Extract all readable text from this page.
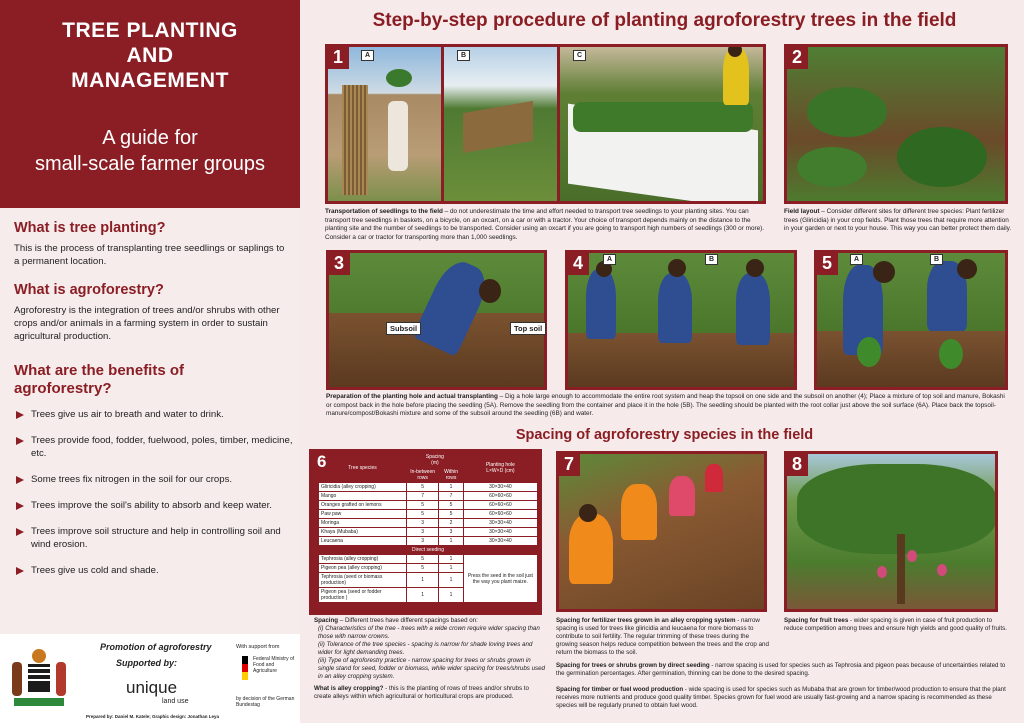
TREE PLANTING
AND
MANAGEMENT
A guide for
small-scale farmer groups
What is tree planting?
This is the process of transplanting tree seedlings or saplings to a permanent location.
What is agroforestry?
Agroforestry is the integration of trees and/or shrubs with other crops and/or animals in a farming system in order to sustain agricultural production.
What are the benefits of
agroforestry?
Trees give us air to breath and water to drink.
Trees provide food, fodder, fuelwood, poles, timber, medicine, etc.
Some trees fix nitrogen in the soil for our crops.
Trees improve the soil's ability to absorb and keep water.
Trees improve soil structure and help in controlling soil and wind erosion.
Trees give us cold and shade.
Promotion of agroforestry
Supported by:
unique
land use
With support from
Federal Ministry of Food and Agriculture
by decision of the German Bundestag
Prepared by: Daniel M. Katele; Graphic design: Jonathan Leya
Step-by-step procedure of planting agroforestry trees in the field
1	A	B	C
Transportation of seedlings to the field – do not underestimate the time and effort needed to transport tree seedlings to your planting sites. You can transport tree seedlings in baskets, on a bicycle, on an oxcart, on a car or with a tractor. Your choice of transport depends mainly on the distance to the planting site and the number of seedlings to be transported. Consider using an oxcart if you are going to transport high numbers of seedlings (300 or more). Consider a car or tractor for transporting more than 1,000 seedlings.
2
Field layout – Consider different sites for different tree species: Plant fertilizer trees (Gliricidia) in your crop fields. Plant those trees that require more attention in your garden or next to your house. This way you can better protect them daily.
3
Subsoil	Top soil
4	A	B	5	A	B
Preparation of the planting hole and actual transplanting – Dig a hole large enough to accommodate the entire root system and heap the topsoil on one side and the subsoil on another (4); Place a mixture of top soil and manure, Bokashi or compost back in the hole before placing the seedling (5A). Remove the seedling from the container and place it in the hole (5B). The seedling should be planted with the root collar just above the soil surface (6A). Place back the topsoil-manure/compost/Bokashi mixture and some of the subsoil around the seedling (6B) and water.
Spacing of agroforestry species in the field
6	Tree species	Spacing
(m)		Planting hole
L×W×D (cm)
	In-between rows	Within rows	
Gliricidia (alley cropping)	5	1	30×30×40
Mango	7	7	60×60×60
Oranges grafted on lemons	5	5	60×60×60
Paw paw	5	5	60×60×60
Moringa	3	2	30×30×40
Khaya (Mubaba)	3	3	30×30×40
Leucaena	3	1	30×30×40
Direct seeding			
Tephrosia (alley cropping)	5	1	Press the seed in the soil just the way you plant maize.
Pigeon pea (alley cropping)	5	1	
Tephrosia (seed or biomass production)	1	1	
Pigeon pea (seed or fodder production )	1	1	
7	8
Spacing – Different trees have different spacings based on:
(i) Characteristics of the tree - trees with a wide crown require wider spacing than those with narrow crowns.
(ii) Tolerance of the tree species - spacing is narrow for shade loving trees and wider for light demanding trees.
(iii) Type of agroforestry practice - narrow spacing for trees or shrubs grown in single stand for seed, fodder or biomass, while wider spacing for trees/shrubs used in an alley cropping system.
What is alley cropping? - this is the planting of rows of trees and/or shrubs to create alleys within which agricultural or horticultural crops are produced.
Spacing for fertilizer trees grown in an alley cropping system - narrow spacing is used for trees like gliricidia and leucaena for more biomass to contribute to soil fertility. The regular trimming of these trees during the growing season helps reduce competition between the trees and the crop and return the biomass to the soil.
Spacing for fruit trees - wider spacing is given in case of fruit production to reduce competition among trees and ensure high yields and good quality of fruits.
Spacing for trees or shrubs grown by direct seeding - narrow spacing is used for species such as Tephrosia and pigeon peas because of uncertainties related to the germination percentages. After germination, thinning can be done to the desired spacing.
Spacing for timber or fuel wood production - wide spacing is used for species such as Mubaba that are grown for timber/wood production to ensure that the plant receives more nutrients and produce good quality timber. Species grown for fuel wood are usually fast-growing and a narrow spacing is recommended as these species will be regularly pruned to obtain fuel wood.
